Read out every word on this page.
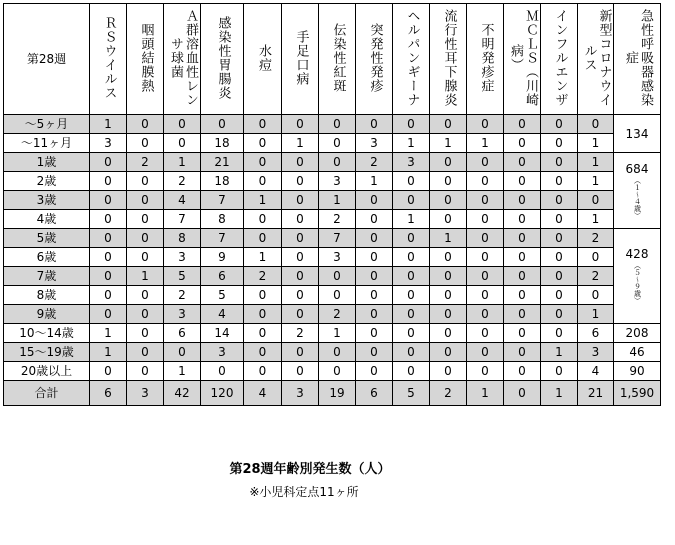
第28週	ＲＳウイルス	咽頭結膜熱	Ａ群溶血性レンサ球菌	感染性胃腸炎	水痘	手足口病	伝染性紅斑	突発性発疹	ヘルパンギーナ	流行性耳下腺炎	不明発疹症	ＭＣＬＳ（川崎病）	インフルエンザ	新型コロナウイルス	急性呼吸器感染症
～5ヶ月	1	0	0	0	0	0	0	0	0	0	0	0	0	0	134

～11ヶ月	3	0	0	18	0	1	0	3	1	1	1	0	0	1	
1歳	0	2	1	21	0	0	0	2	3	0	0	0	0	1	684
（１～４歳）

2歳	0	0	2	18	0	0	3	1	0	0	0	0	0	1	
3歳	0	0	4	7	1	0	1	0	0	0	0	0	0	0	
4歳	0	0	7	8	0	0	2	0	1	0	0	0	0	1	
5歳	0	0	8	7	0	0	7	0	0	1	0	0	0	2	428
（５～９歳）

6歳	0	0	3	9	1	0	3	0	0	0	0	0	0	0	
7歳	0	1	5	6	2	0	0	0	0	0	0	0	0	2	
8歳	0	0	2	5	0	0	0	0	0	0	0	0	0	0	
9歳	0	0	3	4	0	0	2	0	0	0	0	0	0	1	
10～14歳	1	0	6	14	0	2	1	0	0	0	0	0	0	6	208

15～19歳	1	0	0	3	0	0	0	0	0	0	0	0	1	3	46

20歳以上	0	0	1	0	0	0	0	0	0	0	0	0	0	4	90

合計	6	3	42	120	4	3	19	6	5	2	1	0	1	21	1,590
第28週年齢別発生数（人）
※小児科定点11ヶ所
